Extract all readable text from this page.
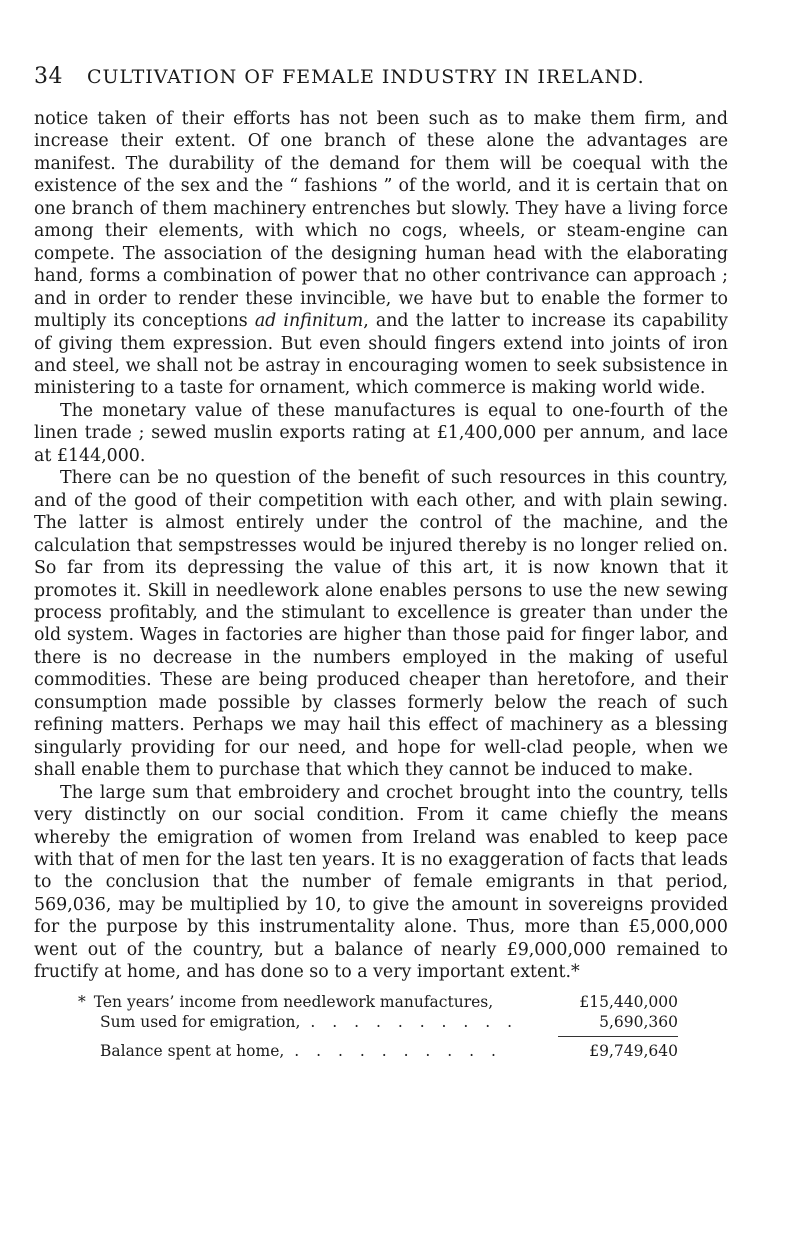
34 CULTIVATION OF FEMALE INDUSTRY IN IRELAND.

notice taken of their efforts has not been such as to make them firm, and increase their extent. Of one branch of these alone the advantages are manifest. The durability of the demand for them will be coequal with the existence of the sex and the “ fashions ” of the world, and it is certain that on one branch of them machinery entrenches but slowly. They have a living force among their elements, with which no cogs, wheels, or steam-engine can compete. The association of the designing human head with the elaborating hand, forms a combination of power that no other contrivance can approach ; and in order to render these invincible, we have but to enable the former to multiply its conceptions ad infinitum, and the latter to increase its capability of giving them expression. But even should fingers extend into joints of iron and steel, we shall not be astray in encouraging women to seek subsistence in ministering to a taste for ornament, which commerce is making world wide.

The monetary value of these manufactures is equal to one-fourth of the linen trade ; sewed muslin exports rating at £1,400,000 per annum, and lace at £144,000.

There can be no question of the benefit of such resources in this country, and of the good of their competition with each other, and with plain sewing. The latter is almost entirely under the control of the machine, and the calculation that sempstresses would be injured thereby is no longer relied on. So far from its depressing the value of this art, it is now known that it promotes it. Skill in needlework alone enables persons to use the new sewing process profitably, and the stimulant to excellence is greater than under the old system. Wages in factories are higher than those paid for finger labor, and there is no decrease in the numbers employed in the making of useful commodities. These are being produced cheaper than heretofore, and their consumption made possible by classes formerly below the reach of such refining matters. Perhaps we may hail this effect of machinery as a blessing singularly providing for our need, and hope for well-clad people, when we shall enable them to purchase that which they cannot be induced to make.

The large sum that embroidery and crochet brought into the country, tells very distinctly on our social condition. From it came chiefly the means whereby the emigration of women from Ireland was enabled to keep pace with that of men for the last ten years. It is no exaggeration of facts that leads to the conclusion that the number of female emigrants in that period, 569,036, may be multiplied by 10, to give the amount in sovereigns provided for the purpose by this instrumentality alone. Thus, more than £5,000,000 went out of the country, but a balance of nearly £9,000,000 remained to fructify at home, and has done so to a very important extent.*

* Ten years’ income from needlework manufactures,	£15,440,000
Sum used for emigration, . . . . . . . . . .	5,690,360
Balance spent at home, . . . . . . . . . .	£9,749,640
